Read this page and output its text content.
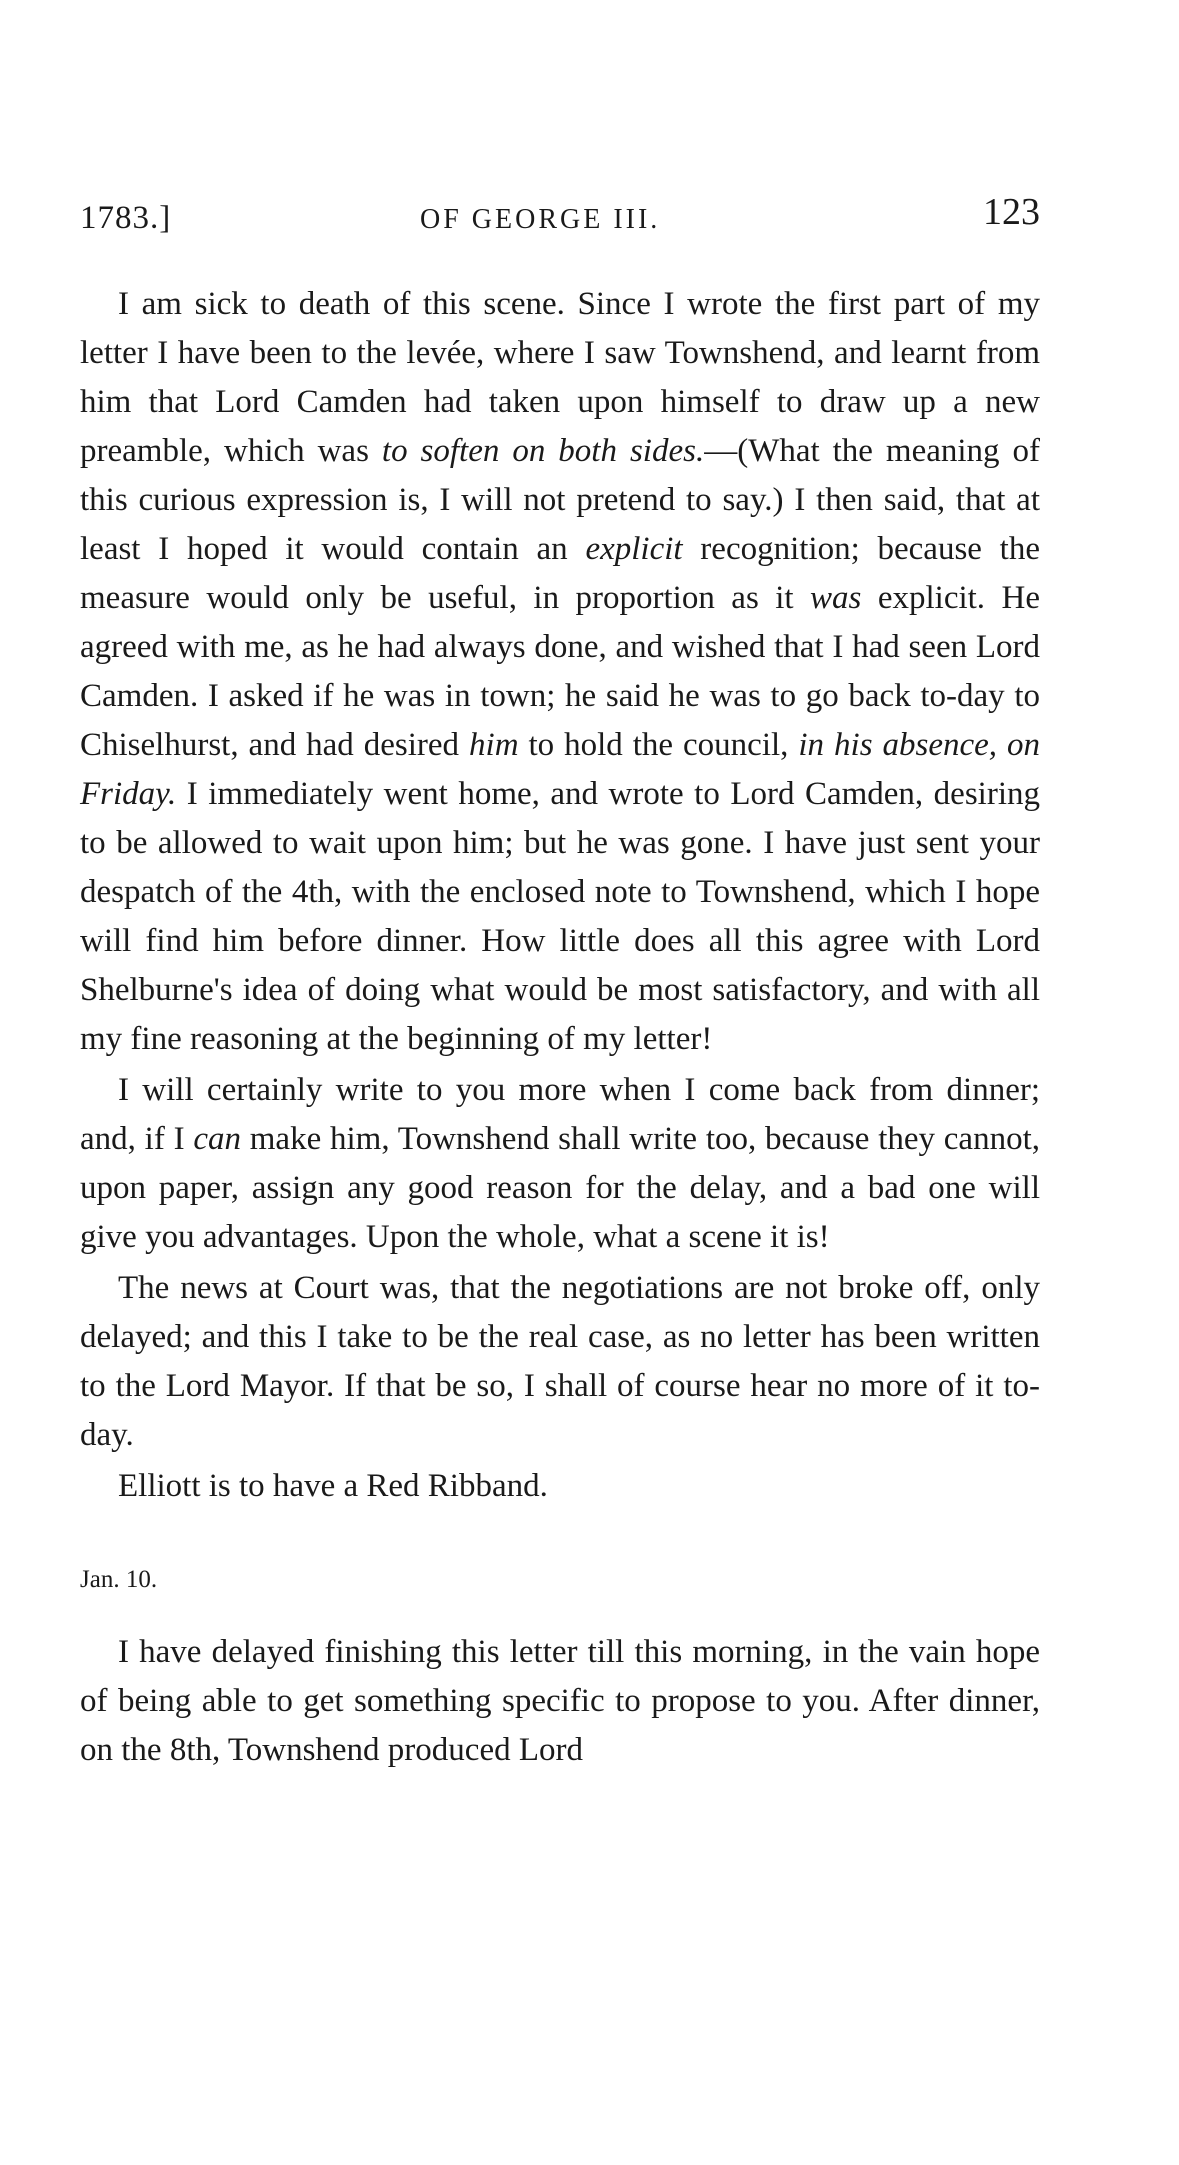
1783.]	OF GEORGE III.	123

I am sick to death of this scene. Since I wrote the first part of my letter I have been to the levée, where I saw Townshend, and learnt from him that Lord Camden had taken upon himself to draw up a new preamble, which was to soften on both sides.—(What the meaning of this curious expression is, I will not pretend to say.) I then said, that at least I hoped it would contain an explicit recognition; because the measure would only be useful, in proportion as it was explicit. He agreed with me, as he had always done, and wished that I had seen Lord Camden. I asked if he was in town; he said he was to go back to-day to Chiselhurst, and had desired him to hold the council, in his absence, on Friday. I immediately went home, and wrote to Lord Camden, desiring to be allowed to wait upon him; but he was gone. I have just sent your despatch of the 4th, with the enclosed note to Townshend, which I hope will find him before dinner. How little does all this agree with Lord Shelburne's idea of doing what would be most satisfactory, and with all my fine reasoning at the beginning of my letter!

I will certainly write to you more when I come back from dinner; and, if I can make him, Townshend shall write too, because they cannot, upon paper, assign any good reason for the delay, and a bad one will give you advantages. Upon the whole, what a scene it is!

The news at Court was, that the negotiations are not broke off, only delayed; and this I take to be the real case, as no letter has been written to the Lord Mayor. If that be so, I shall of course hear no more of it to-day.

Elliott is to have a Red Ribband.

Jan. 10.

I have delayed finishing this letter till this morning, in the vain hope of being able to get something specific to propose to you. After dinner, on the 8th, Townshend produced Lord
